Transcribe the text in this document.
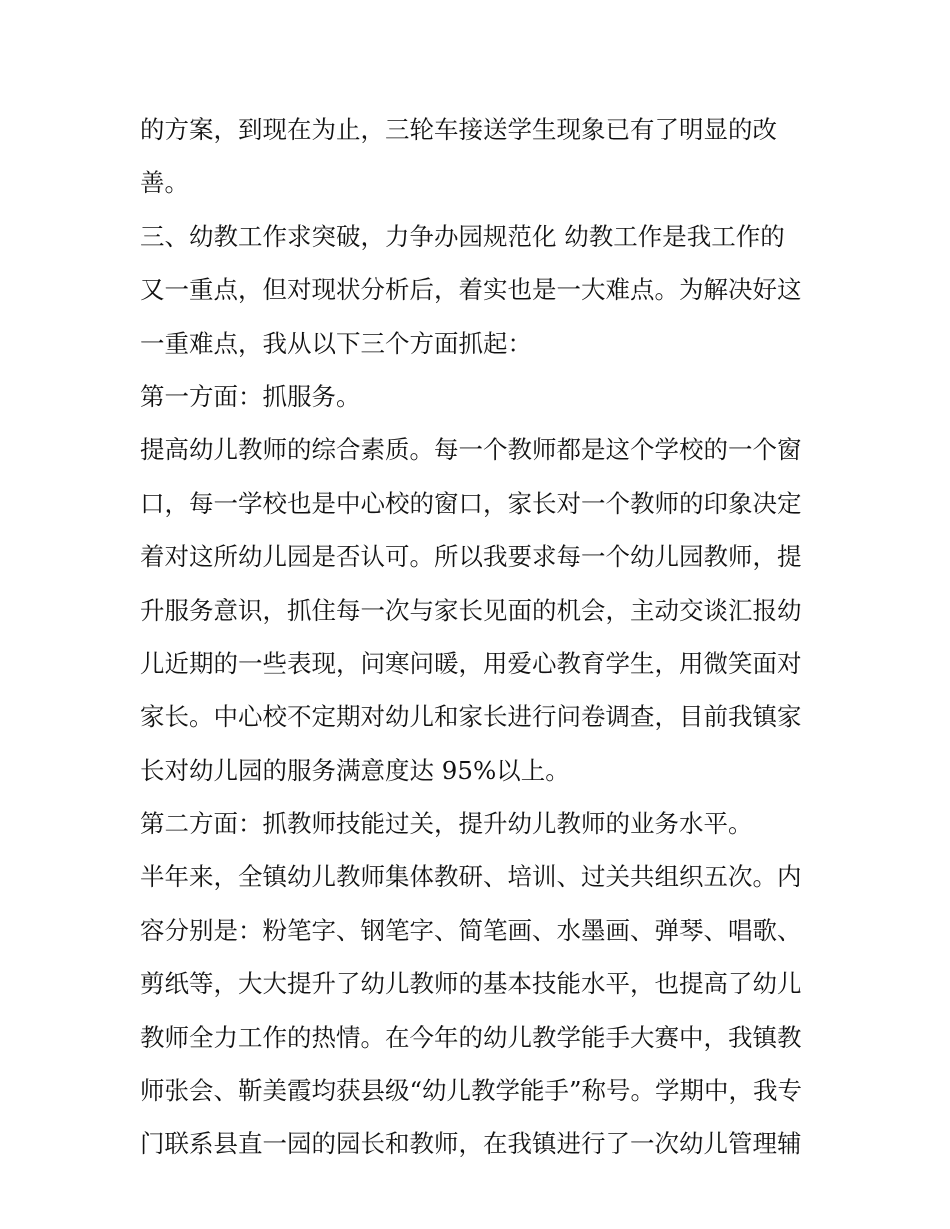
的方案，到现在为止，三轮车接送学生现象已有了明显的改
善。
三、幼教工作求突破，力争办园规范化 幼教工作是我工作的
又一重点，但对现状分析后，着实也是一大难点。为解决好这
一重难点，我从以下三个方面抓起：
第一方面：抓服务。
提高幼儿教师的综合素质。每一个教师都是这个学校的一个窗
口，每一学校也是中心校的窗口，家长对一个教师的印象决定
着对这所幼儿园是否认可。所以我要求每一个幼儿园教师，提
升服务意识，抓住每一次与家长见面的机会，主动交谈汇报幼
儿近期的一些表现，问寒问暖，用爱心教育学生，用微笑面对
家长。中心校不定期对幼儿和家长进行问卷调查，目前我镇家
长对幼儿园的服务满意度达 95%以上。
第二方面：抓教师技能过关，提升幼儿教师的业务水平。
半年来，全镇幼儿教师集体教研、培训、过关共组织五次。内
容分别是：粉笔字、钢笔字、简笔画、水墨画、弹琴、唱歌、
剪纸等，大大提升了幼儿教师的基本技能水平，也提高了幼儿
教师全力工作的热情。在今年的幼儿教学能手大赛中，我镇教
师张会、靳美霞均获县级“幼儿教学能手”称号。学期中，我专
门联系县直一园的园长和教师，在我镇进行了一次幼儿管理辅
